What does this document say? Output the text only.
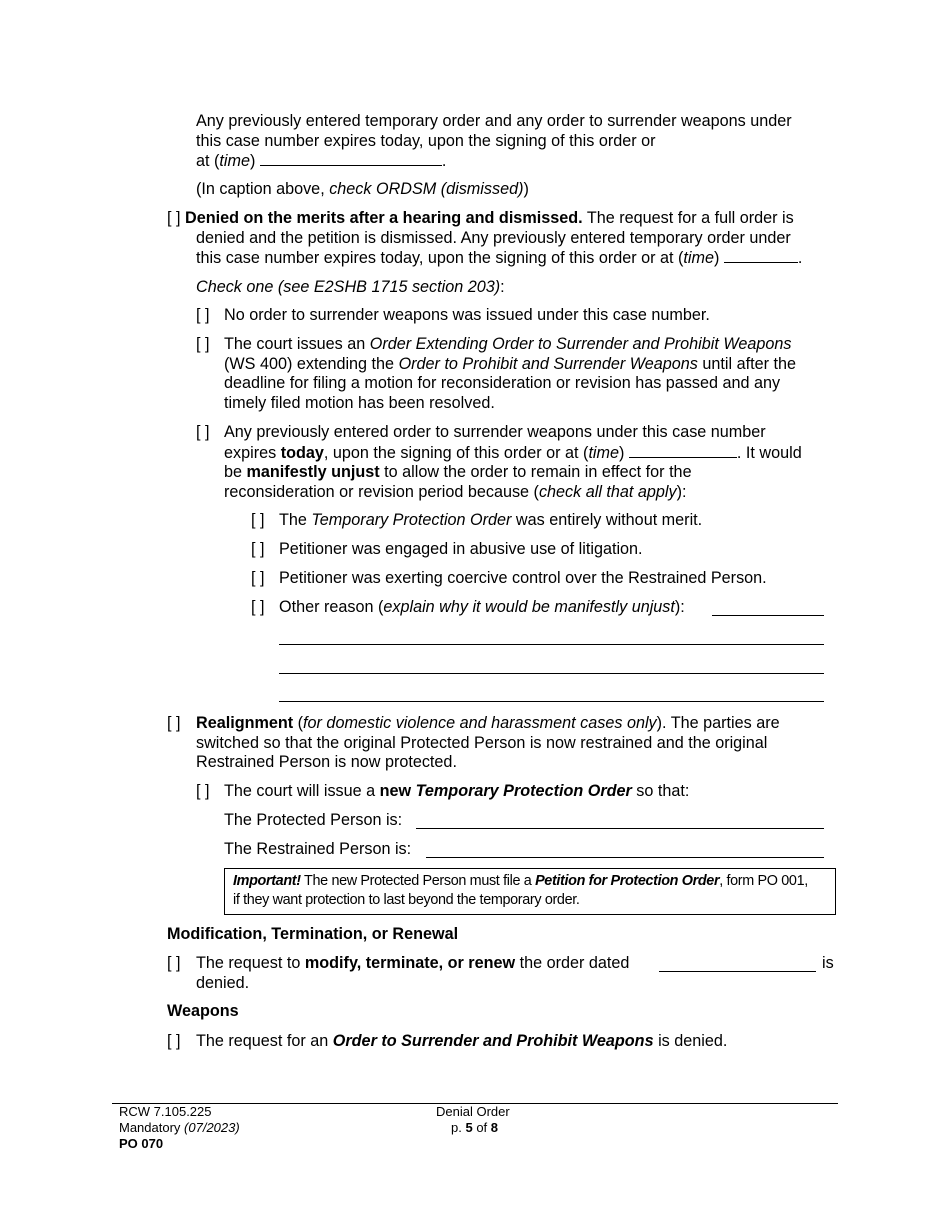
Any previously entered temporary order and any order to surrender weapons under
this case number expires today, upon the signing of this order or
at (time)	.
(In caption above, check ORDSM (dismissed))
[ ] Denied on the merits after a hearing and dismissed. The request for a full order is
denied and the petition is dismissed. Any previously entered temporary order under
this case number expires today, upon the signing of this order or at (time)	.
Check one (see E2SHB 1715 section 203):
[ ] No order to surrender weapons was issued under this case number.
[ ] The court issues an Order Extending Order to Surrender and Prohibit Weapons
(WS 400) extending the Order to Prohibit and Surrender Weapons until after the
deadline for filing a motion for reconsideration or revision has passed and any
timely filed motion has been resolved.
[ ] Any previously entered order to surrender weapons under this case number
expires today, upon the signing of this order or at (time)	. It would
be manifestly unjust to allow the order to remain in effect for the
reconsideration or revision period because (check all that apply):
[ ] The Temporary Protection Order was entirely without merit.
[ ] Petitioner was engaged in abusive use of litigation.
[ ] Petitioner was exerting coercive control over the Restrained Person.
[ ] Other reason (explain why it would be manifestly unjust):
[ ] Realignment (for domestic violence and harassment cases only). The parties are
switched so that the original Protected Person is now restrained and the original
Restrained Person is now protected.
[ ] The court will issue a new Temporary Protection Order so that:
The Protected Person is:
The Restrained Person is:
Important! The new Protected Person must file a Petition for Protection Order, form PO 001,
if they want protection to last beyond the temporary order.
Modification, Termination, or Renewal
[ ] The request to modify, terminate, or renew the order dated
denied.
is
Weapons
[ ] The request for an Order to Surrender and Prohibit Weapons is denied.
RCW 7.105.225
Mandatory (07/2023)
PO 070
Denial Order
p. 5 of 8
